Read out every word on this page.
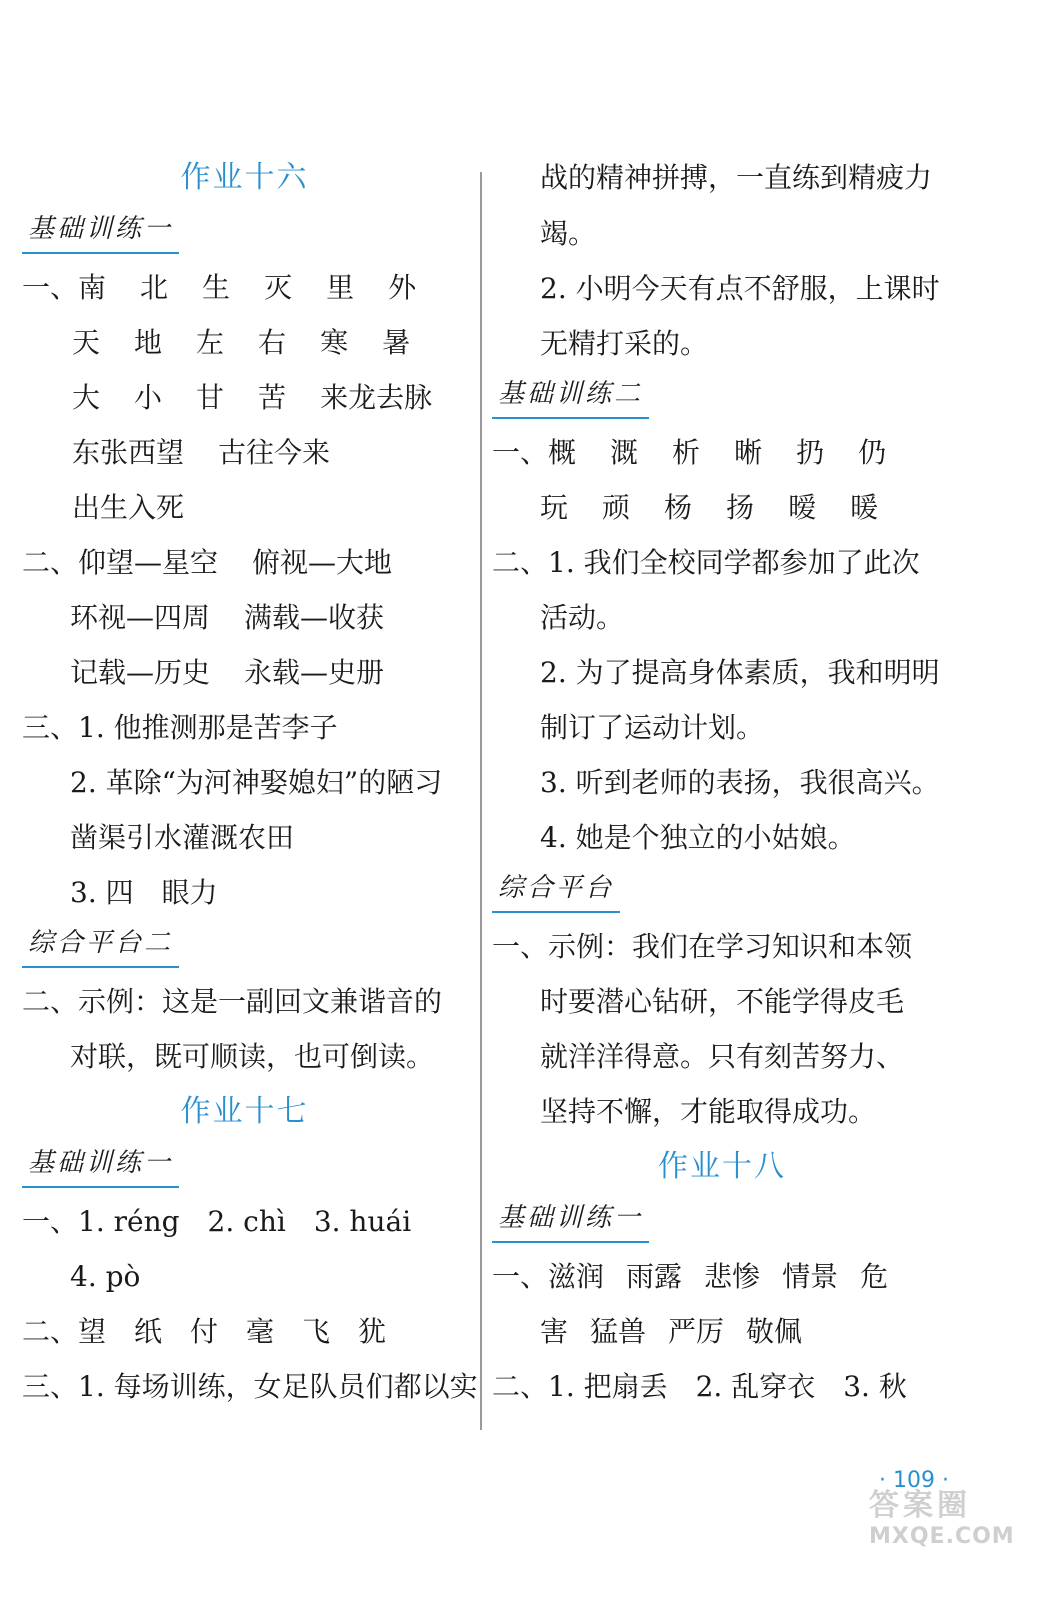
作业十六
基础训练一
一、南 北 生 灭 里 外
天 地 左 右 寒 暑
大 小 甘 苦 来龙去脉
东张西望 古往今来
出生入死
二、仰望—星空 俯视—大地
环视—四周 满载—收获
记载—历史 永载—史册
三、1. 他推测那是苦李子
2. 革除“为河神娶媳妇”的陋习
凿渠引水灌溉农田
3. 四　眼力
综合平台二
二、示例：这是一副回文兼谐音的
对联，既可顺读，也可倒读。
作业十七
基础训练一
一、1. réng　2. chì　3. huái
4. pò
二、望　纸　付　毫　飞　犹
三、1. 每场训练，女足队员们都以实
战的精神拼搏，一直练到精疲力
竭。
2. 小明今天有点不舒服，上课时
无精打采的。
基础训练二
一、概 溉 析 晰 扔 仍
玩 顽 杨 扬 暧 暖
二、1. 我们全校同学都参加了此次
活动。
2. 为了提高身体素质，我和明明
制订了运动计划。
3. 听到老师的表扬，我很高兴。
4. 她是个独立的小姑娘。
综合平台
一、示例：我们在学习知识和本领
时要潜心钻研，不能学得皮毛
就洋洋得意。只有刻苦努力、
坚持不懈，才能取得成功。
作业十八
基础训练一
一、滋润 雨露 悲惨 情景 危
害 猛兽 严厉 敬佩
二、1. 把扇丢　2. 乱穿衣　3. 秋
· 109 ·
答案圈
MXQE.COM
